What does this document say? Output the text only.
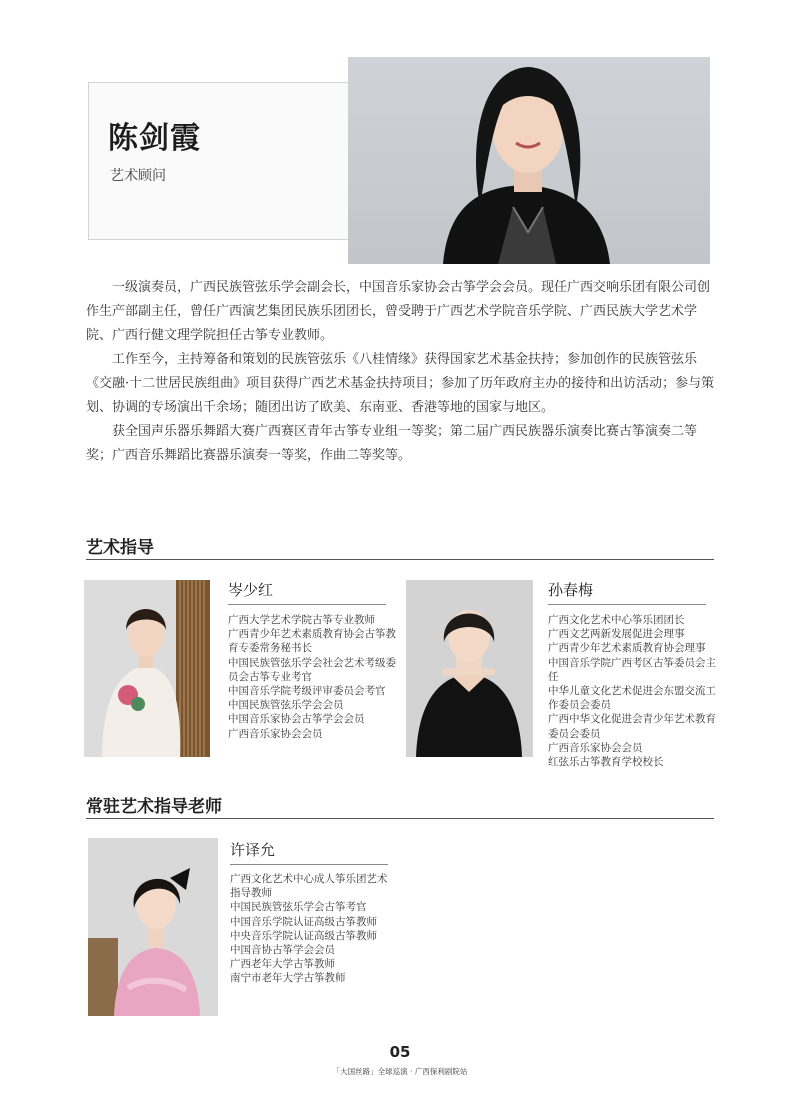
陈剑霞
艺术顾问

一级演奏员，广西民族管弦乐学会副会长，中国音乐家协会古筝学会会员。现任广西交响乐团有限公司创作生产部副主任，曾任广西演艺集团民族乐团团长，曾受聘于广西艺术学院音乐学院、广西民族大学艺术学院、广西行健文理学院担任古筝专业教师。

工作至今，主持筹备和策划的民族管弦乐《八桂情缘》获得国家艺术基金扶持；参加创作的民族管弦乐《交融·十二世居民族组曲》项目获得广西艺术基金扶持项目；参加了历年政府主办的接待和出访活动；参与策划、协调的专场演出千余场；随团出访了欧美、东南亚、香港等地的国家与地区。

获全国声乐器乐舞蹈大赛广西赛区青年古筝专业组一等奖；第二届广西民族器乐演奏比赛古筝演奏二等奖；广西音乐舞蹈比赛器乐演奏一等奖，作曲二等奖等。

艺术指导
岑少红
广西大学艺术学院古筝专业教师
广西青少年艺术素质教育协会古筝教育专委常务秘书长
中国民族管弦乐学会社会艺术考级委员会古筝专业考官
中国音乐学院考级评审委员会考官
中国民族管弦乐学会会员
中国音乐家协会古筝学会会员
广西音乐家协会会员
孙春梅
广西文化艺术中心筝乐团团长
广西文艺两新发展促进会理事
广西青少年艺术素质教育协会理事
中国音乐学院广西考区古筝委员会主任
中华儿童文化艺术促进会东盟交流工作委员会委员
广西中华文化促进会青少年艺术教育委员会委员
广西音乐家协会会员
红弦乐古筝教育学校校长
常驻艺术指导老师
许译允
广西文化艺术中心成人筝乐团艺术指导教师
中国民族管弦乐学会古筝考官
中国音乐学院认证高级古筝教师
中央音乐学院认证高级古筝教师
中国音协古筝学会会员
广西老年大学古筝教师
南宁市老年大学古筝教师
05
「大国丝路」全球巡演 · 广西保利剧院站
